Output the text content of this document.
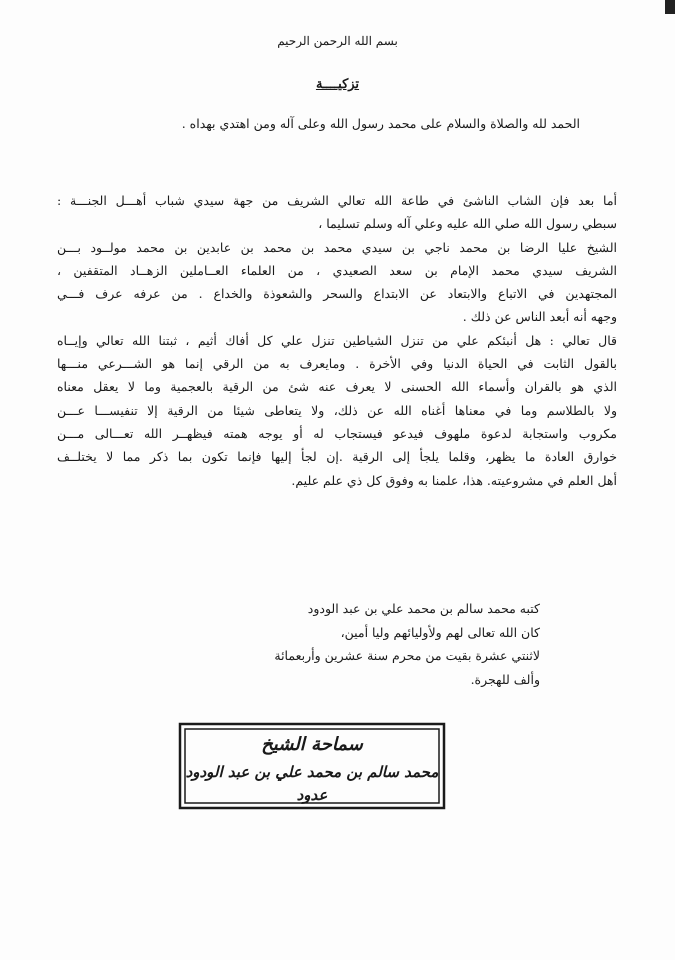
بسم الله الرحمن الرحيم
تزكيــــة
الحمد لله والصلاة والسلام على محمد رسول الله وعلى آله ومن اهتدي بهداه .
أما بعد فإن الشاب الناشئ في طاعة الله تعالي الشريف من جهة سيدي شباب أهـــل الجنـــة :
سبطي رسول الله صلي الله عليه وعلي آله وسلم تسليما ،
الشيخ عليا الرضا بن محمد ناجي بن سيدي محمد بن محمد بن عابدين بن محمد مولــود بـــن
الشريف سيدي محمد الإمام بن سعد الصعيدي ، من العلماء العــاملين الزهــاد المتقفين ،
المجتهدين في الاتباع والابتعاد عن الابتداع والسحر والشعوذة والخداع . من عرفه عرف فـــي
وجهه أنه أبعد الناس عن ذلك .
قال تعالي : هل أنبئكم علي من تنزل الشياطين تنزل علي كل أفاك أثيم ، ثبتنا الله تعالي وإيــاه
بالقول الثابت في الحياة الدنيا وفي الأخرة . ومايعرف به من الرقي إنما هو الشـــرعي منـــها
الذي هو بالقران وأسماء الله الحسنى لا يعرف عنه شئ من الرقية بالعجمية وما لا يعقل معناه
ولا بالطلاسم وما في معناها أغناه الله عن ذلك، ولا يتعاطى شيئا من الرقية إلا تنفيســـا عـــن
مكروب واستجابة لدعوة ملهوف فيدعو فيستجاب له أو يوجه همته فيظهــر الله تعـــالى مـــن
خوارق العادة ما يظهر، وقلما يلجأ إلى الرقية .إن لجأ إليها فإنما تكون بما ذكر مما لا يختلــف
أهل العلم في مشروعيته. هذا، علمنا به وفوق كل ذي علم عليم.
كتبه محمد سالم بن محمد علي بن عبد الودود
كان الله تعالى لهم ولأوليائهم وليا أمين،
لاثنتي عشرة بقيت من محرم سنة عشرين وأربعمائة
وألف للهجرة.
سماحة الشيخ
محمد سالم بن محمد علي بن عبد الودود
عدود
